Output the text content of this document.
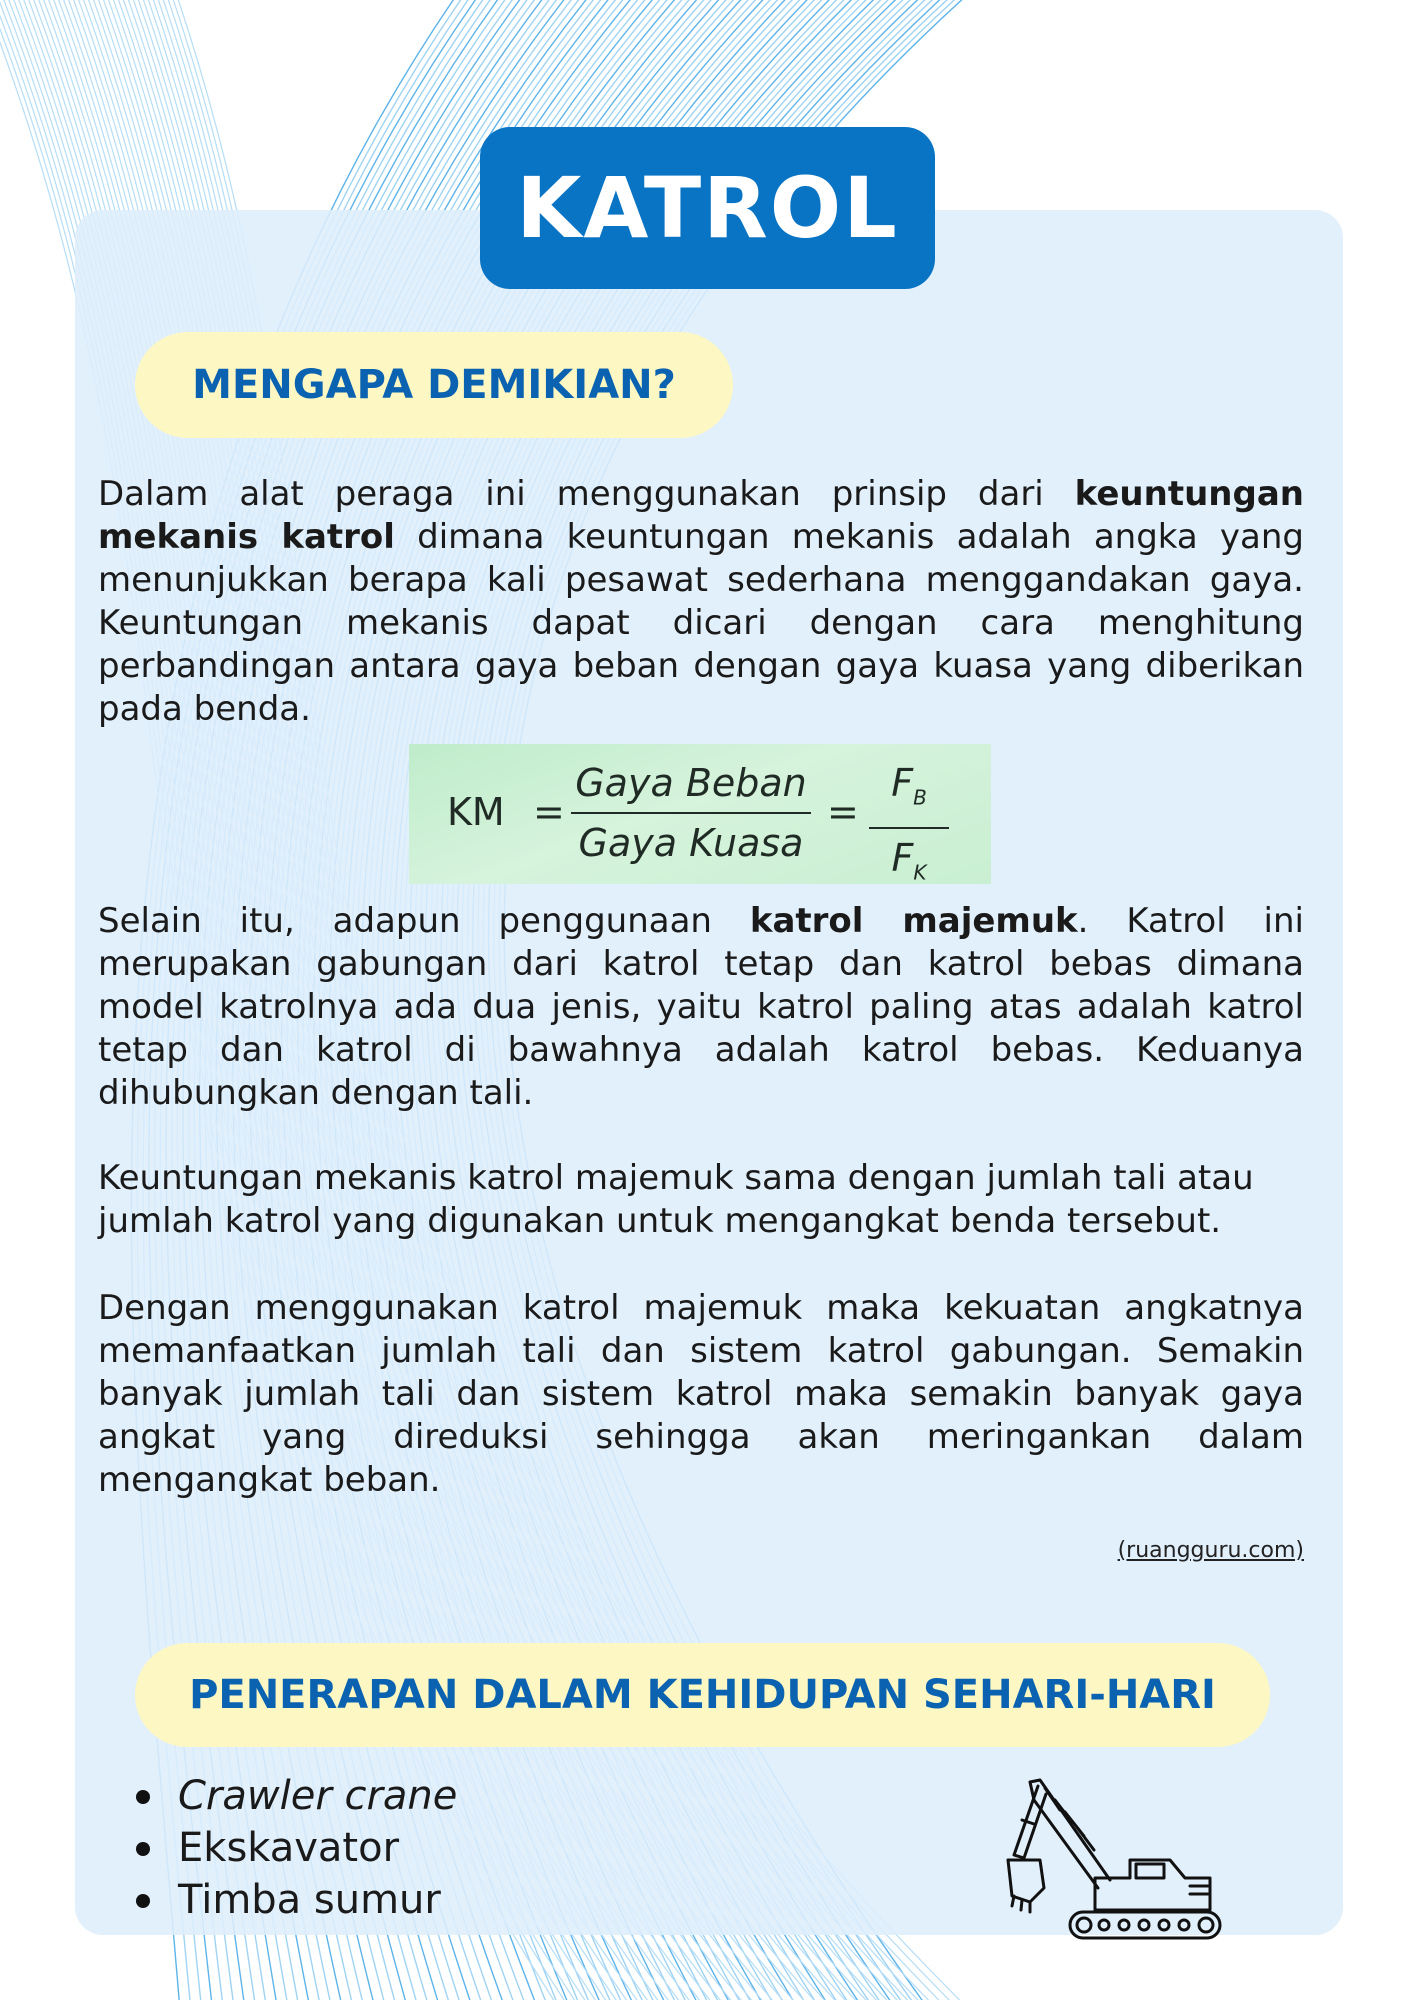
KATROL
MENGAPA DEMIKIAN?

Dalam alat peraga ini menggunakan prinsip dari keuntungan mekanis katrol dimana keuntungan mekanis adalah angka yang menunjukkan berapa kali pesawat sederhana menggandakan gaya. Keuntungan mekanis dapat dicari dengan cara menghitung perbandingan antara gaya beban dengan gaya kuasa yang diberikan pada benda.

KM =
Gaya Beban
Gaya Kuasa
=
$F_B$
$F_K$

Selain itu, adapun penggunaan katrol majemuk. Katrol ini merupakan gabungan dari katrol tetap dan katrol bebas dimana model katrolnya ada dua jenis, yaitu katrol paling atas adalah katrol tetap dan katrol di bawahnya adalah katrol bebas. Keduanya dihubungkan dengan tali.

Keuntungan mekanis katrol majemuk sama dengan jumlah tali atau jumlah katrol yang digunakan untuk mengangkat benda tersebut.

Dengan menggunakan katrol majemuk maka kekuatan angkatnya memanfaatkan jumlah tali dan sistem katrol gabungan. Semakin banyak jumlah tali dan sistem katrol maka semakin banyak gaya angkat yang direduksi sehingga akan meringankan dalam mengangkat beban.

(ruangguru.com)
PENERAPAN DALAM KEHIDUPAN SEHARI-HARI
Crawler crane
Ekskavator
Timba sumur
